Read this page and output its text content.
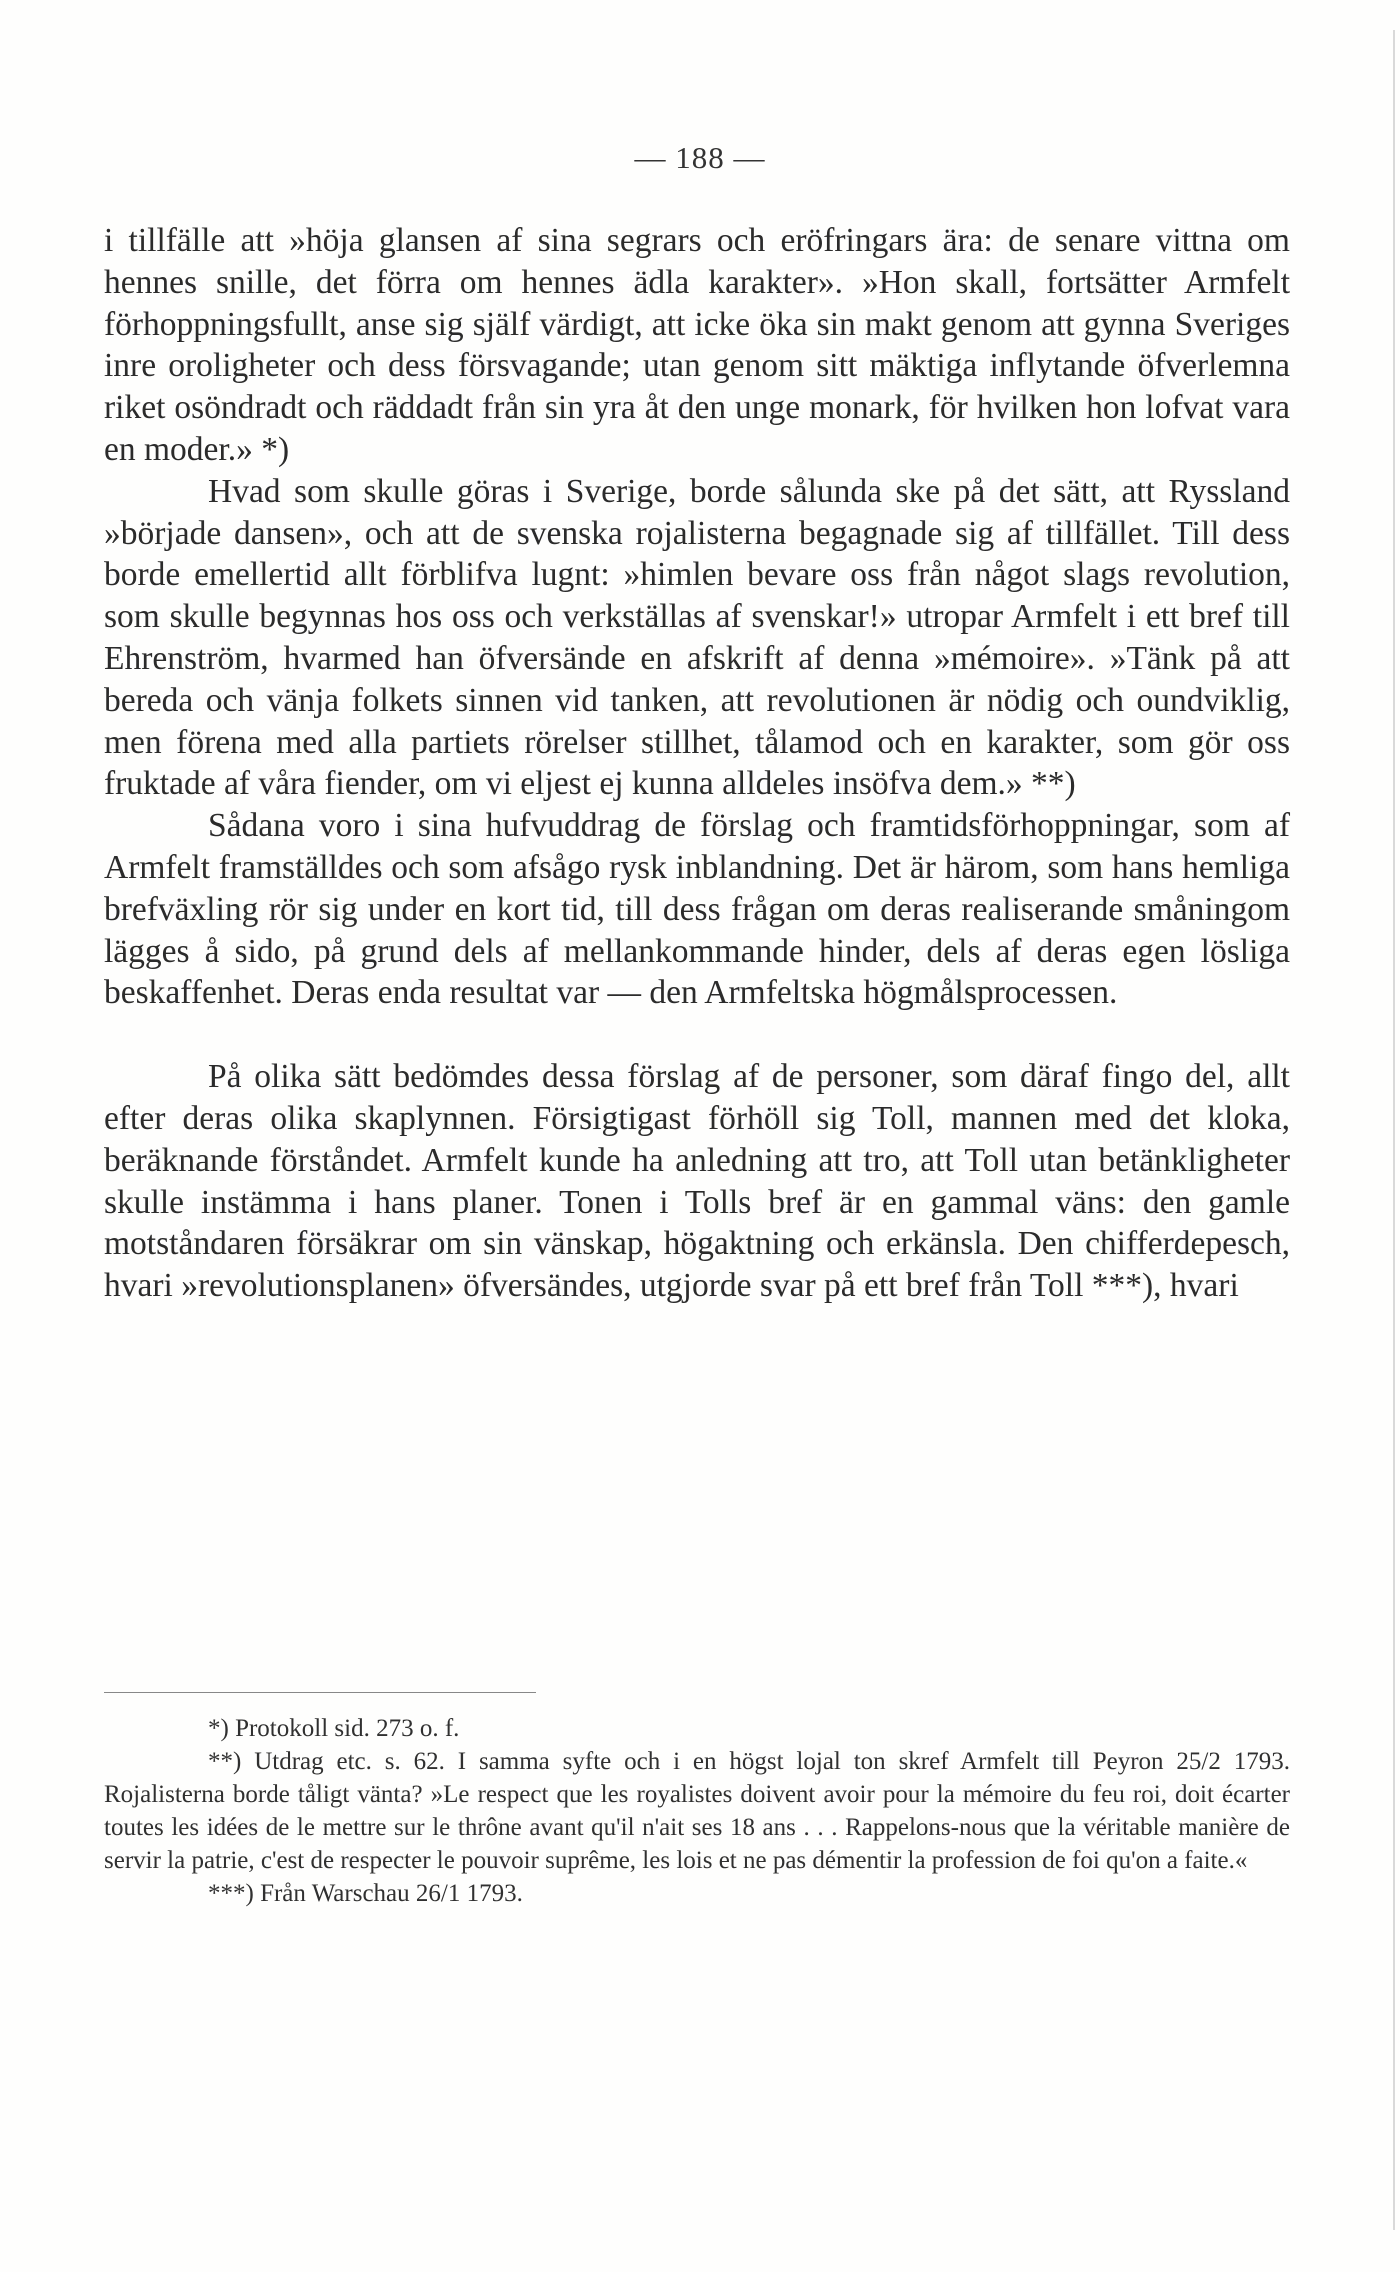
— 188 —

i tillfälle att »höja glansen af sina segrars och eröfringars ära: de senare vittna om hennes snille, det förra om hennes ädla karakter». »Hon skall, fortsätter Armfelt förhoppningsfullt, anse sig själf värdigt, att icke öka sin makt genom att gynna Sveriges inre oroligheter och dess försvagande; utan genom sitt mäktiga inflytande öfverlemna riket osöndradt och räddadt från sin yra åt den unge monark, för hvilken hon lofvat vara en moder.» *)

Hvad som skulle göras i Sverige, borde sålunda ske på det sätt, att Ryssland »började dansen», och att de svenska rojalisterna begagnade sig af tillfället. Till dess borde emellertid allt förblifva lugnt: »himlen bevare oss från något slags revolution, som skulle begynnas hos oss och verkställas af svenskar!» utropar Armfelt i ett bref till Ehrenström, hvarmed han öfversände en afskrift af denna »mémoire». »Tänk på att bereda och vänja folkets sinnen vid tanken, att revolutionen är nödig och oundviklig, men förena med alla partiets rörelser stillhet, tålamod och en karakter, som gör oss fruktade af våra fiender, om vi eljest ej kunna alldeles insöfva dem.» **)

Sådana voro i sina hufvuddrag de förslag och framtidsförhoppningar, som af Armfelt framställdes och som afsågo rysk inblandning. Det är härom, som hans hemliga brefväxling rör sig under en kort tid, till dess frågan om deras realiserande småningom lägges å sido, på grund dels af mellankommande hinder, dels af deras egen lösliga beskaffenhet. Deras enda resultat var — den Armfeltska högmålsprocessen.

På olika sätt bedömdes dessa förslag af de personer, som däraf fingo del, allt efter deras olika skaplynnen. Försigtigast förhöll sig Toll, mannen med det kloka, beräknande förståndet. Armfelt kunde ha anledning att tro, att Toll utan betänkligheter skulle instämma i hans planer. Tonen i Tolls bref är en gammal väns: den gamle motståndaren försäkrar om sin vänskap, högaktning och erkänsla. Den chifferdepesch, hvari »revolutionsplanen» öfversändes, utgjorde svar på ett bref från Toll ***), hvari

*) Protokoll sid. 273 o. f.

**) Utdrag etc. s. 62. I samma syfte och i en högst lojal ton skref Armfelt till Peyron 25/2 1793. Rojalisterna borde tåligt vänta? »Le respect que les royalistes doivent avoir pour la mémoire du feu roi, doit écarter toutes les idées de le mettre sur le thrône avant qu'il n'ait ses 18 ans . . . Rappelons-nous que la véritable manière de servir la patrie, c'est de respecter le pouvoir suprême, les lois et ne pas démentir la profession de foi qu'on a faite.«

***) Från Warschau 26/1 1793.
